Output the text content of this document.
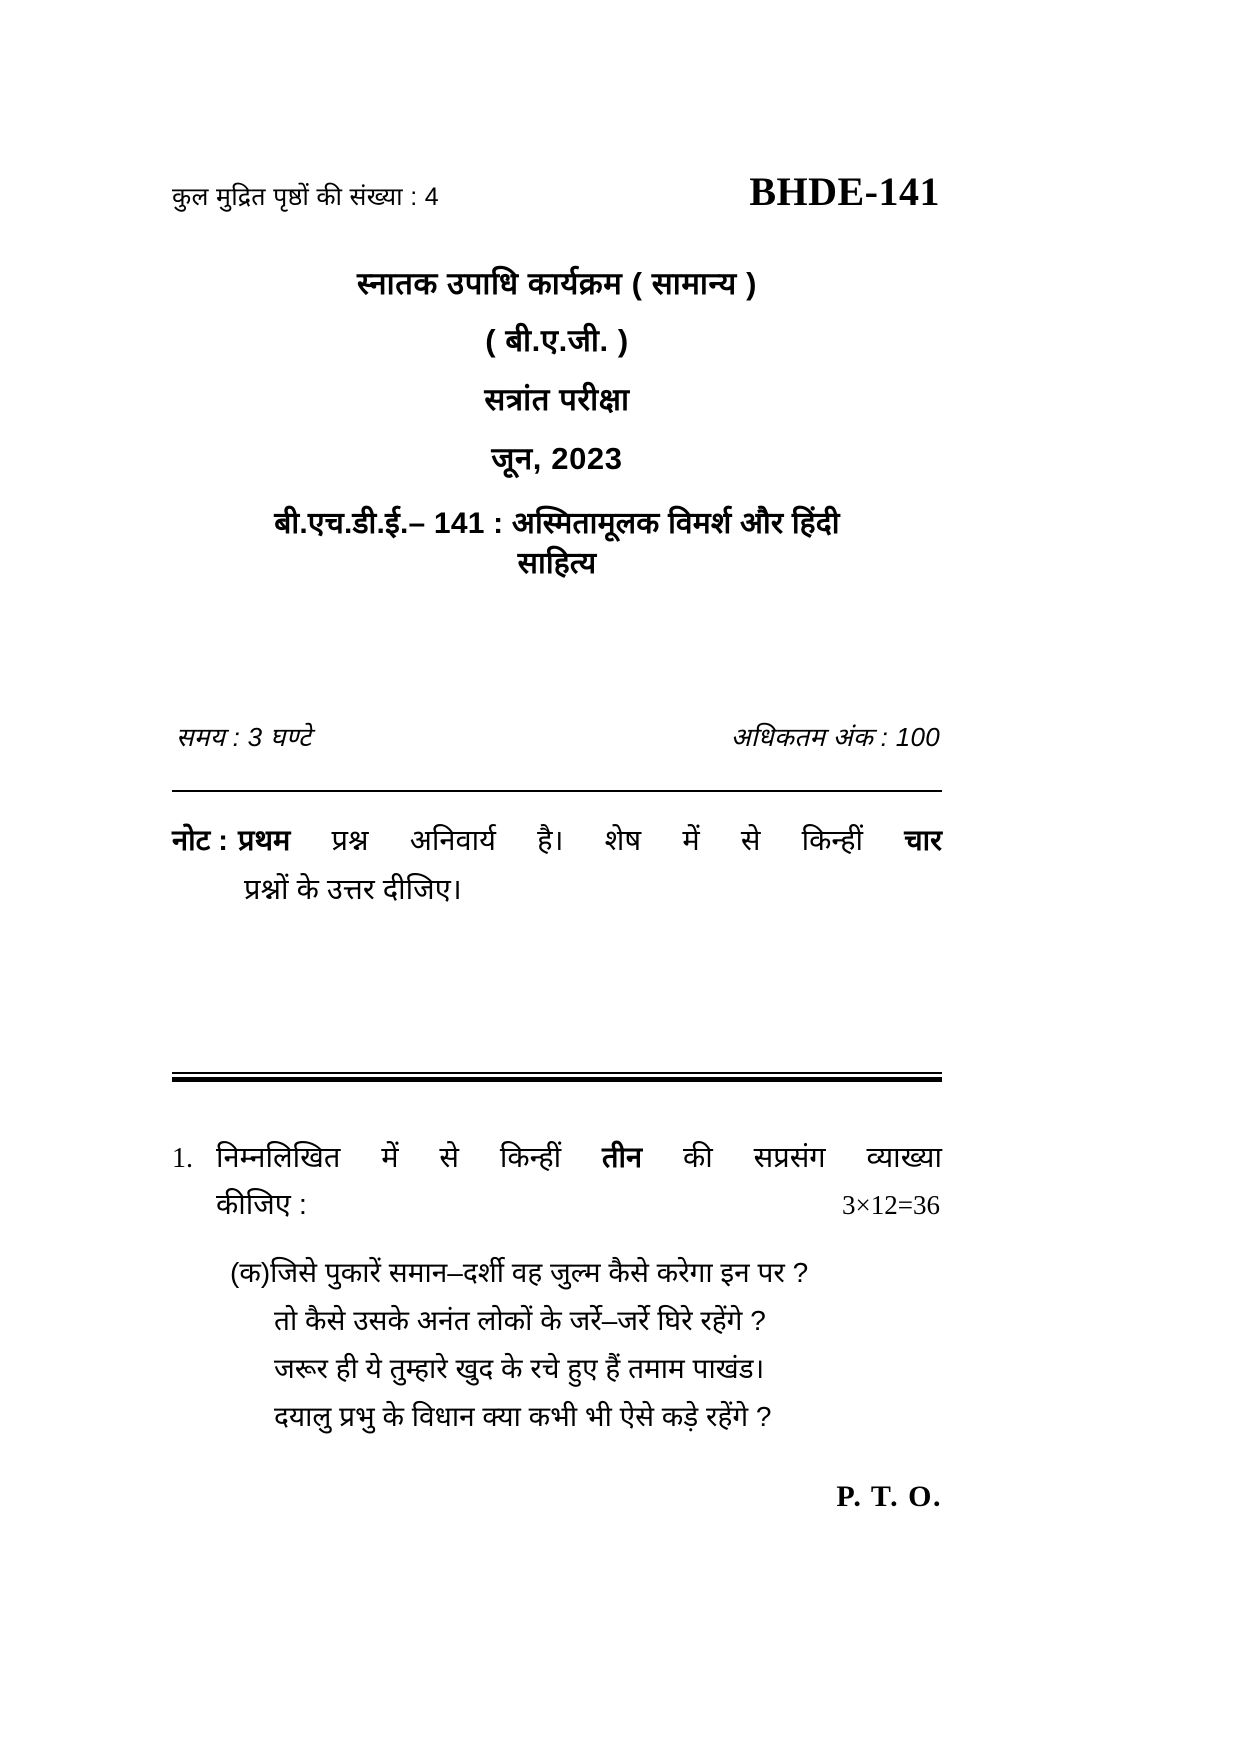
कुल मुद्रित पृष्ठों की संख्या : 4	BHDE-141
स्नातक उपाधि कार्यक्रम ( सामान्य )
( बी.ए.जी. )
सत्रांत परीक्षा
जून, 2023
बी.एच.डी.ई.– 141 : अस्मितामूलक विमर्श और हिंदी
साहित्य
समय : 3 घण्टे	अधिकतम अंक : 100
नोट : प्रथम प्रश्न अनिवार्य है। शेष में से किन्हीं चार
प्रश्नों के उत्तर दीजिए।
1. निम्नलिखित में से किन्हीं तीन की सप्रसंग व्याख्या
कीजिए :	3×12=36
(क) जिसे पुकारें समान–दर्शी वह जुल्म कैसे करेगा इन पर ?
तो कैसे उसके अनंत लोकों के जर्रे–जर्रे घिरे रहेंगे ?
जरूर ही ये तुम्हारे खुद के रचे हुए हैं तमाम पाखंड।
दयालु प्रभु के विधान क्या कभी भी ऐसे कड़े रहेंगे ?
P. T. O.
